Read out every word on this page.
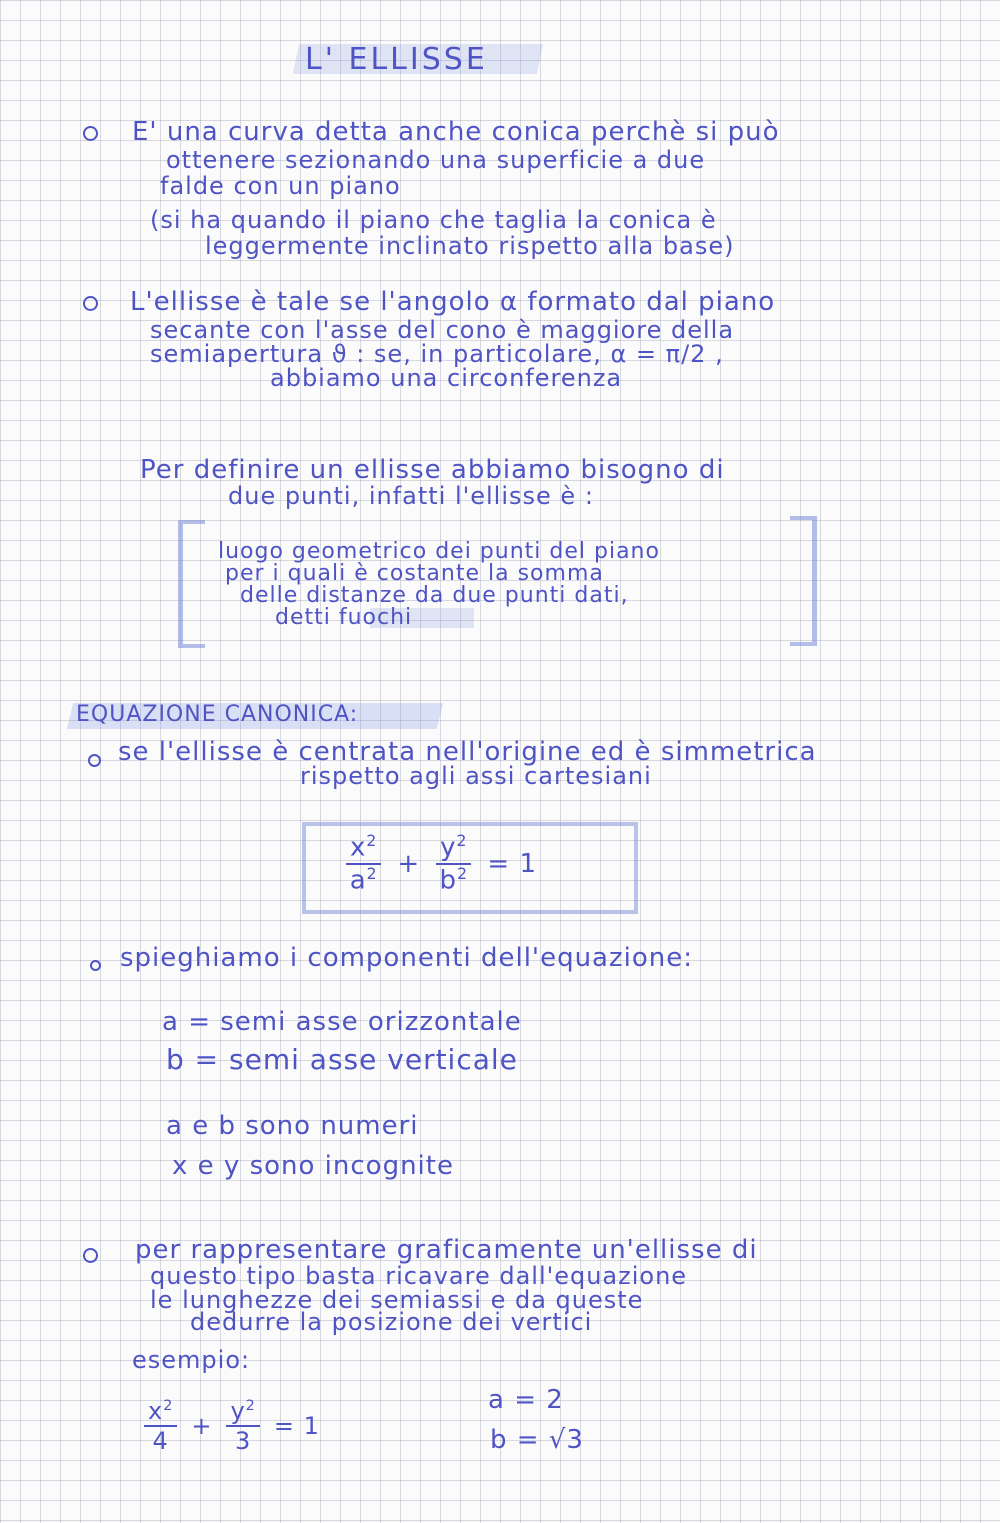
L' ELLISSE
E' una curva detta anche conica perchè si può
ottenere sezionando una superficie a due
falde con un piano
(si ha quando il piano che taglia la conica è
leggermente inclinato rispetto alla base)
L'ellisse è tale se l'angolo α formato dal piano
secante con l'asse del cono è maggiore della
semiapertura ϑ : se, in particolare, α = π/2 ,
abbiamo una circonferenza
Per definire un ellisse abbiamo bisogno di
due punti, infatti l'ellisse è :
luogo geometrico dei punti del piano
per i quali è costante la somma
delle distanze da due punti dati,
detti fuochi
EQUAZIONE CANONICA:
se l'ellisse è centrata nell'origine ed è simmetrica
rispetto agli assi cartesiani
$\frac{x^2}{a^2} + \frac{y^2}{b^2} = 1$
spieghiamo i componenti dell'equazione:
a = semi asse orizzontale
b = semi asse verticale
a e b sono numeri
x e y sono incognite
per rappresentare graficamente un'ellisse di
questo tipo basta ricavare dall'equazione
le lunghezze dei semiassi e da queste
dedurre la posizione dei vertici
esempio:
$\frac{x^2}{4} + \frac{y^2}{3} = 1$
a = 2
b = √3
